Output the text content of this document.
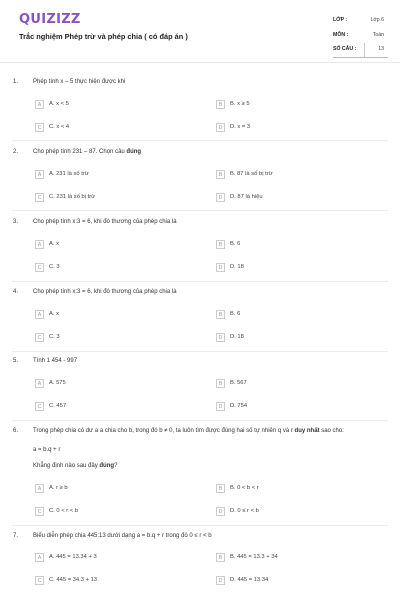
QUIZIZZ
Trắc nghiệm Phép trừ và phép chia ( có đáp án )
LỚP :	Lớp 6
MÔN :	Toán
SỐ CÂU :	13
1. Phép tính x – 5 thực hiện được khi
A	A. x < 5	B	B. x ≥ 5
C	C. x < 4	D	D. x = 3
2. Cho phép tính 231 – 87. Chọn câu đúng
A	A. 231 là số trừ	B	B. 87 là số bị trừ
C	C. 231 là số bị trừ	D	D. 87 là hiệu
3. Cho phép tính x:3 = 6, khi đó thương của phép chia là
A	A. x	B	B. 6
C	C. 3	D	D. 18
4. Cho phép tính x:3 = 6, khi đó thương của phép chia là
A	A. x	B	B. 6
C	C. 3	D	D. 18
5. Tính 1 454 - 997
A	A. 575	B	B. 567
C	C. 457	D	D. 754
6. Trong phép chia có dư a a chia cho b, trong đó b ≠ 0, ta luôn tìm được đúng hai số tự nhiên q và r duy nhất sao cho:
a = b.q + r
Khẳng định nào sau đây đúng?
A	A. r ≥ b	B	B. 0 < b < r
C	C. 0 < r < b	D	D. 0 ≤ r < b
7. Biểu diễn phép chia 445:13 dưới dạng a = b.q + r trong đó 0 ≤ r < b
A	A. 445 = 13.34 + 3	B	B. 445 = 13.3 + 34
C	C. 445 = 34.3 + 13	D	D. 445 = 13.34
